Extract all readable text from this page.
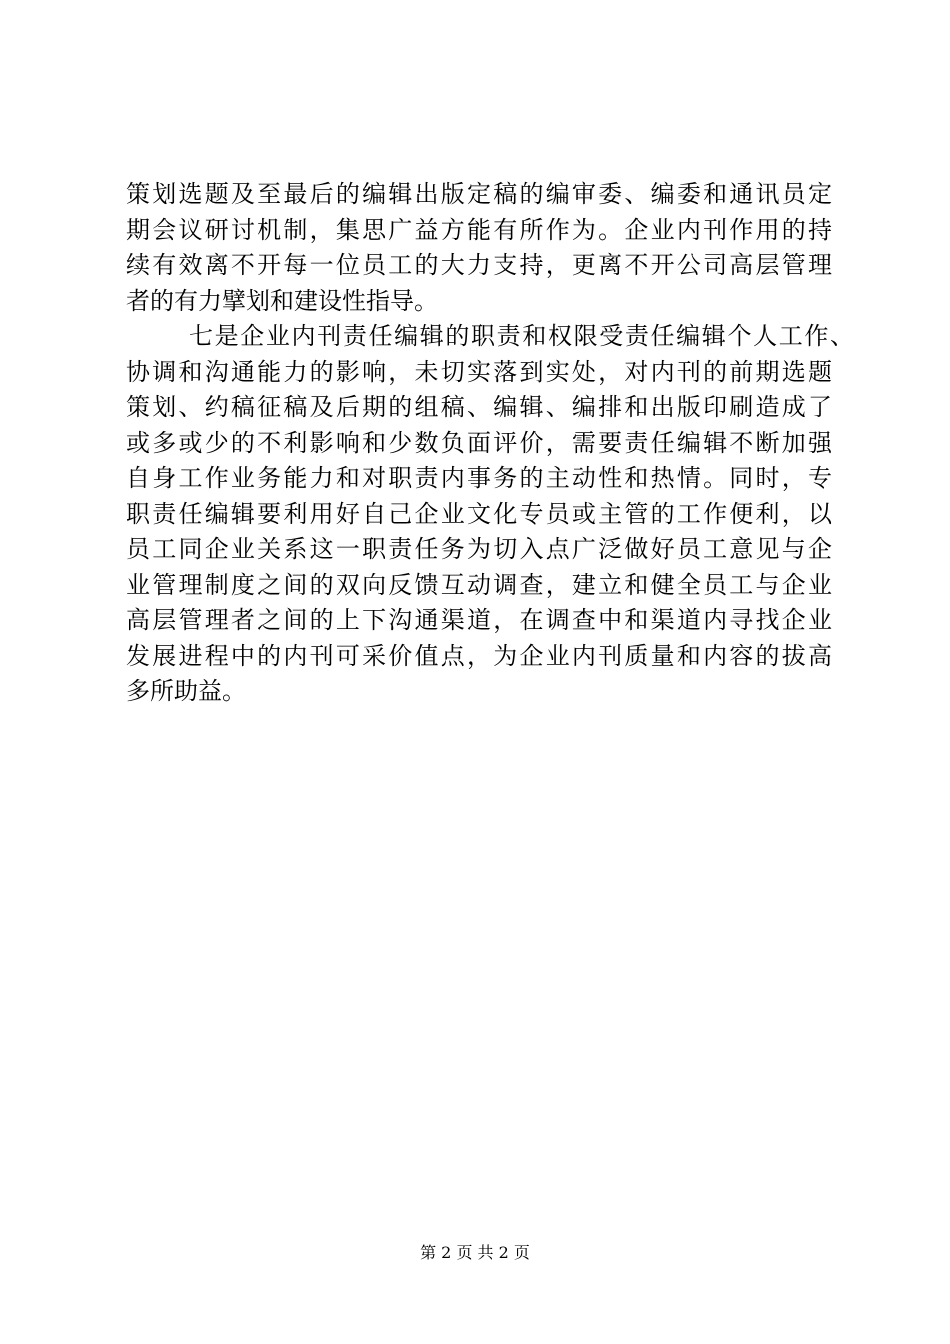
策划选题及至最后的编辑出版定稿的编审委、编委和通讯员定
期会议研讨机制，集思广益方能有所作为。企业内刊作用的持
续有效离不开每一位员工的大力支持，更离不开公司高层管理
者的有力擘划和建设性指导。
七是企业内刊责任编辑的职责和权限受责任编辑个人工作、
协调和沟通能力的影响，未切实落到实处，对内刊的前期选题
策划、约稿征稿及后期的组稿、编辑、编排和出版印刷造成了
或多或少的不利影响和少数负面评价，需要责任编辑不断加强
自身工作业务能力和对职责内事务的主动性和热情。同时，专
职责任编辑要利用好自己企业文化专员或主管的工作便利，以
员工同企业关系这一职责任务为切入点广泛做好员工意见与企
业管理制度之间的双向反馈互动调查，建立和健全员工与企业
高层管理者之间的上下沟通渠道，在调查中和渠道内寻找企业
发展进程中的内刊可采价值点，为企业内刊质量和内容的拔高
多所助益。
第 2 页 共 2 页
